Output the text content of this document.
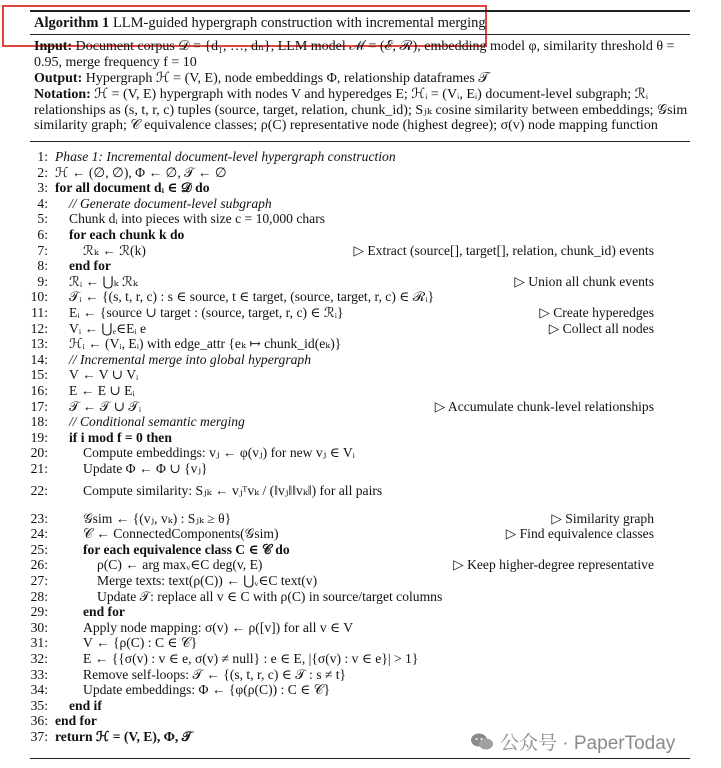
Algorithm 1 LLM-guided hypergraph construction with incremental merging
Input: Document corpus 𝒟 = {d₁, …, dₙ}, LLM model ℳ = (ℰ, ℛ), embedding model φ, similarity threshold θ = 0.95, merge frequency f = 10
Output: Hypergraph ℋ = (V, E), node embeddings Φ, relationship dataframes 𝒯
Notation: ℋ = (V, E) hypergraph with nodes V and hyperedges E; ℋᵢ = (Vᵢ, Eᵢ) document-level subgraph; ℛᵢ relationships as (s, t, r, c) tuples (source, target, relation, chunk_id); Sⱼₖ cosine similarity between embeddings; 𝒢sim similarity graph; 𝒞 equivalence classes; ρ(C) representative node (highest degree); σ(v) node mapping function
1: Phase 1: Incremental document-level hypergraph construction
2: ℋ ← (∅, ∅), Φ ← ∅, 𝒯 ← ∅
3: for all document dᵢ ∈ 𝒟 do
4: // Generate document-level subgraph
5: Chunk dᵢ into pieces with size c = 10,000 chars
6: for each chunk k do
7:	ℛₖ ← ℛ(k)	▷ Extract (source[], target[], relation, chunk_id) events
8: end for
9: ℛᵢ ← ⋃ₖ ℛₖ	▷ Union all chunk events
10: 𝒯ᵢ ← {(s, t, r, c) : s ∈ source, t ∈ target, (source, target, r, c) ∈ ℛᵢ}
11: Eᵢ ← {source ∪ target : (source, target, r, c) ∈ ℛᵢ}	▷ Create hyperedges
12: Vᵢ ← ⋃ₑ∈Eᵢ e	▷ Collect all nodes
13: ℋᵢ ← (Vᵢ, Eᵢ) with edge_attr {eₖ ↦ chunk_id(eₖ)}
14: // Incremental merge into global hypergraph
15: V ← V ∪ Vᵢ
16: E ← E ∪ Eᵢ
17: 𝒯 ← 𝒯 ∪ 𝒯ᵢ	▷ Accumulate chunk-level relationships
18: // Conditional semantic merging
19: if i mod f = 0 then
20:	Compute embeddings: vⱼ ← φ(vⱼ) for new vⱼ ∈ Vᵢ
21:	Update Φ ← Φ ∪ {vⱼ}
22:	Compute similarity: Sⱼₖ ← vⱼᵀvₖ / (‖vⱼ‖‖vₖ‖) for all pairs
23:	𝒢sim ← {(vⱼ, vₖ) : Sⱼₖ ≥ θ}	▷ Similarity graph
24:	𝒞 ← ConnectedComponents(𝒢sim)	▷ Find equivalence classes
25:	for each equivalence class C ∈ 𝒞 do
26:	ρ(C) ← arg maxᵥ∈C deg(v, E)	▷ Keep higher-degree representative
27:	Merge texts: text(ρ(C)) ← ⋃ᵥ∈C text(v)
28:	Update 𝒯: replace all v ∈ C with ρ(C) in source/target columns
29:	end for
30:	Apply node mapping: σ(v) ← ρ([v]) for all v ∈ V
31:	V ← {ρ(C) : C ∈ 𝒞}
32:	E ← {{σ(v) : v ∈ e, σ(v) ≠ null} : e ∈ E, |{σ(v) : v ∈ e}| > 1}
33:	Remove self-loops: 𝒯 ← {(s, t, r, c) ∈ 𝒯 : s ≠ t}
34:	Update embeddings: Φ ← {φ(ρ(C)) : C ∈ 𝒞}
35: end if
36: end for
37: return ℋ = (V, E), Φ, 𝒯	公众号 · PaperToday
